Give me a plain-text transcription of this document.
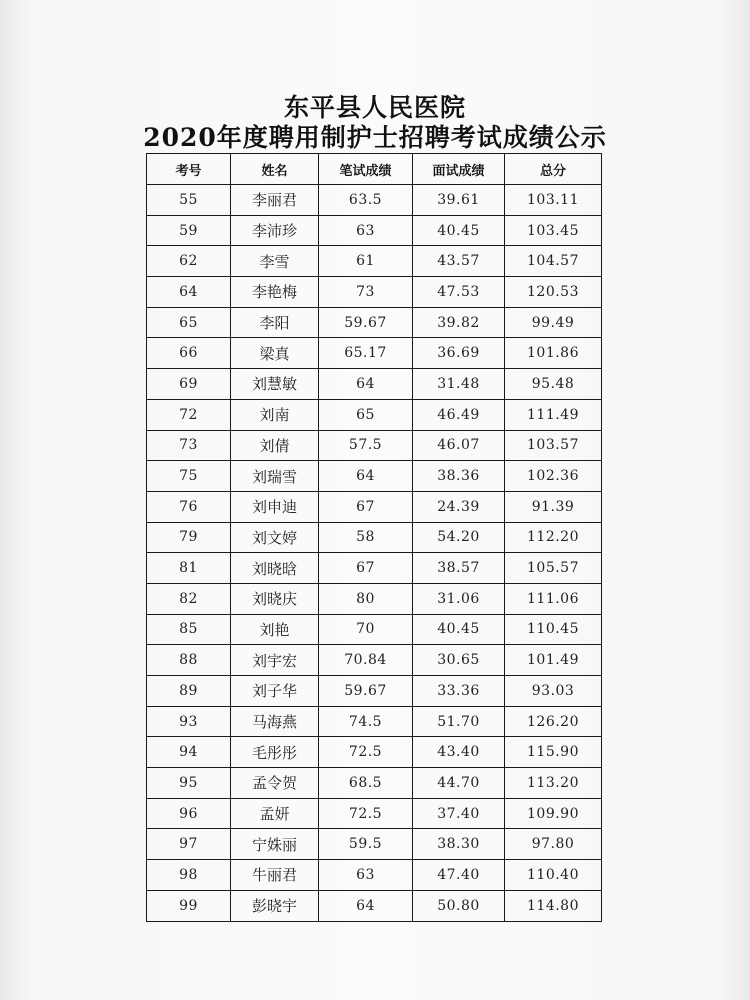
东平县人民医院
2020年度聘用制护士招聘考试成绩公示
考号	姓名	笔试成绩	面试成绩	总分
55	李丽君	63.5	39.61	103.11
59	李沛珍	63	40.45	103.45
62	李雪	61	43.57	104.57
64	李艳梅	73	47.53	120.53
65	李阳	59.67	39.82	99.49
66	梁真	65.17	36.69	101.86
69	刘慧敏	64	31.48	95.48
72	刘南	65	46.49	111.49
73	刘倩	57.5	46.07	103.57
75	刘瑞雪	64	38.36	102.36
76	刘申迪	67	24.39	91.39
79	刘文婷	58	54.20	112.20
81	刘晓晗	67	38.57	105.57
82	刘晓庆	80	31.06	111.06
85	刘艳	70	40.45	110.45
88	刘宇宏	70.84	30.65	101.49
89	刘子华	59.67	33.36	93.03
93	马海燕	74.5	51.70	126.20
94	毛彤彤	72.5	43.40	115.90
95	孟令贺	68.5	44.70	113.20
96	孟妍	72.5	37.40	109.90
97	宁姝丽	59.5	38.30	97.80
98	牛丽君	63	47.40	110.40
99	彭晓宇	64	50.80	114.80
